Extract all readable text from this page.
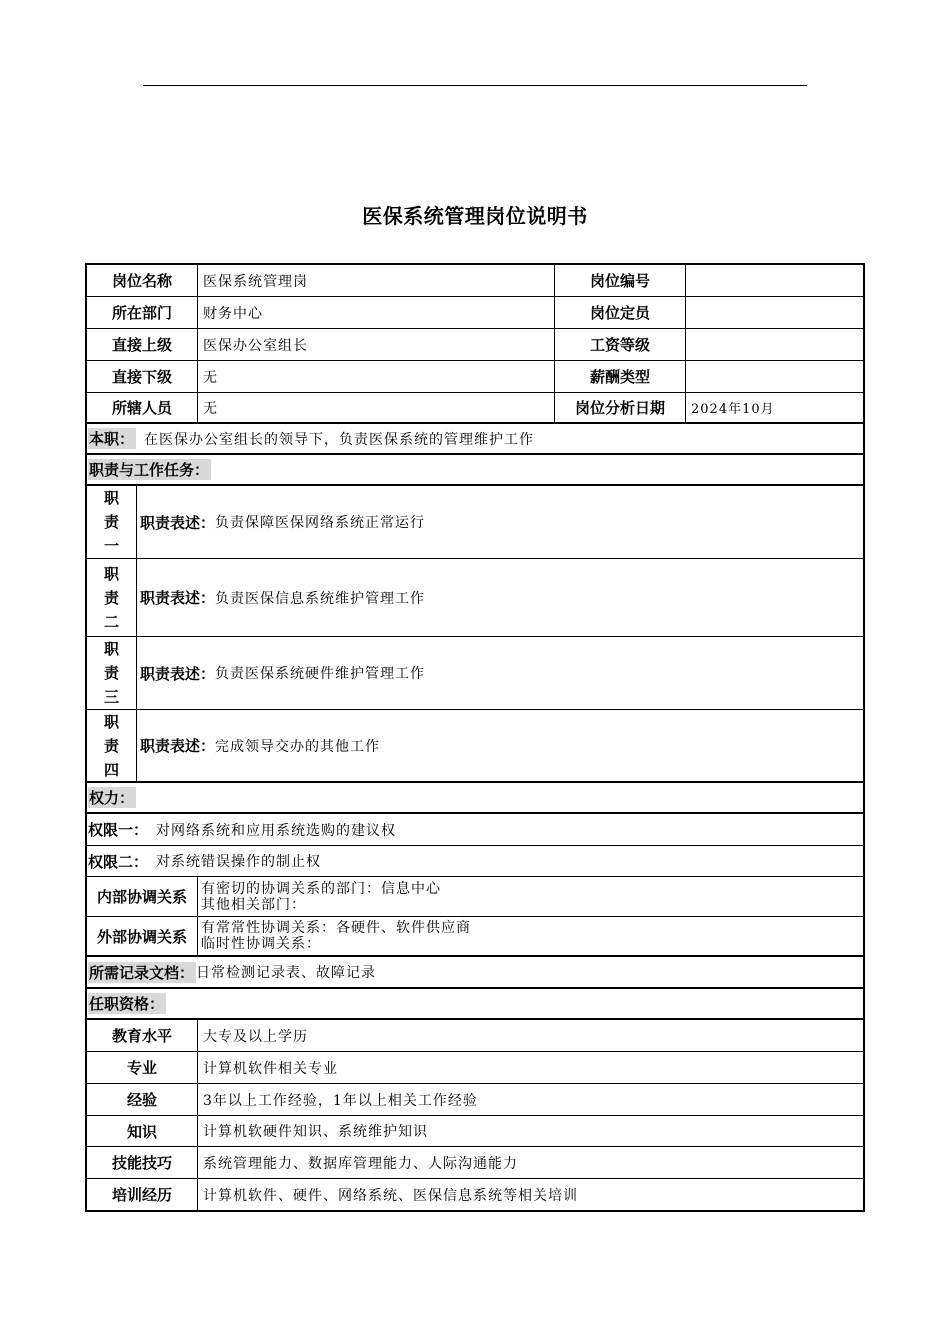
医保系统管理岗位说明书
岗位名称	医保系统管理岗	岗位编号
所在部门	财务中心	岗位定员
直接上级	医保办公室组长	工资等级
直接下级	无	薪酬类型
所辖人员	无	岗位分析日期	2024年10月
本职： 在医保办公室组长的领导下，负责医保系统的管理维护工作
职责与工作任务：
职
责
一
职责表述： 负责保障医保网络系统正常运行
职
责
二
职责表述： 负责医保信息系统维护管理工作
职
责
三
职责表述： 负责医保系统硬件维护管理工作
职
责
四
职责表述： 完成领导交办的其他工作
权力：
权限一： 对网络系统和应用系统选购的建议权
权限二： 对系统错误操作的制止权
内部协调关系	有密切的协调关系的部门：信息中心
其他相关部门：
外部协调关系	有常常性协调关系：各硬件、软件供应商
临时性协调关系：
所需记录文档： 日常检测记录表、故障记录
任职资格：
教育水平	大专及以上学历
专业	计算机软件相关专业
经验	3年以上工作经验，1年以上相关工作经验
知识	计算机软硬件知识、系统维护知识
技能技巧	系统管理能力、数据库管理能力、人际沟通能力
培训经历	计算机软件、硬件、网络系统、医保信息系统等相关培训
